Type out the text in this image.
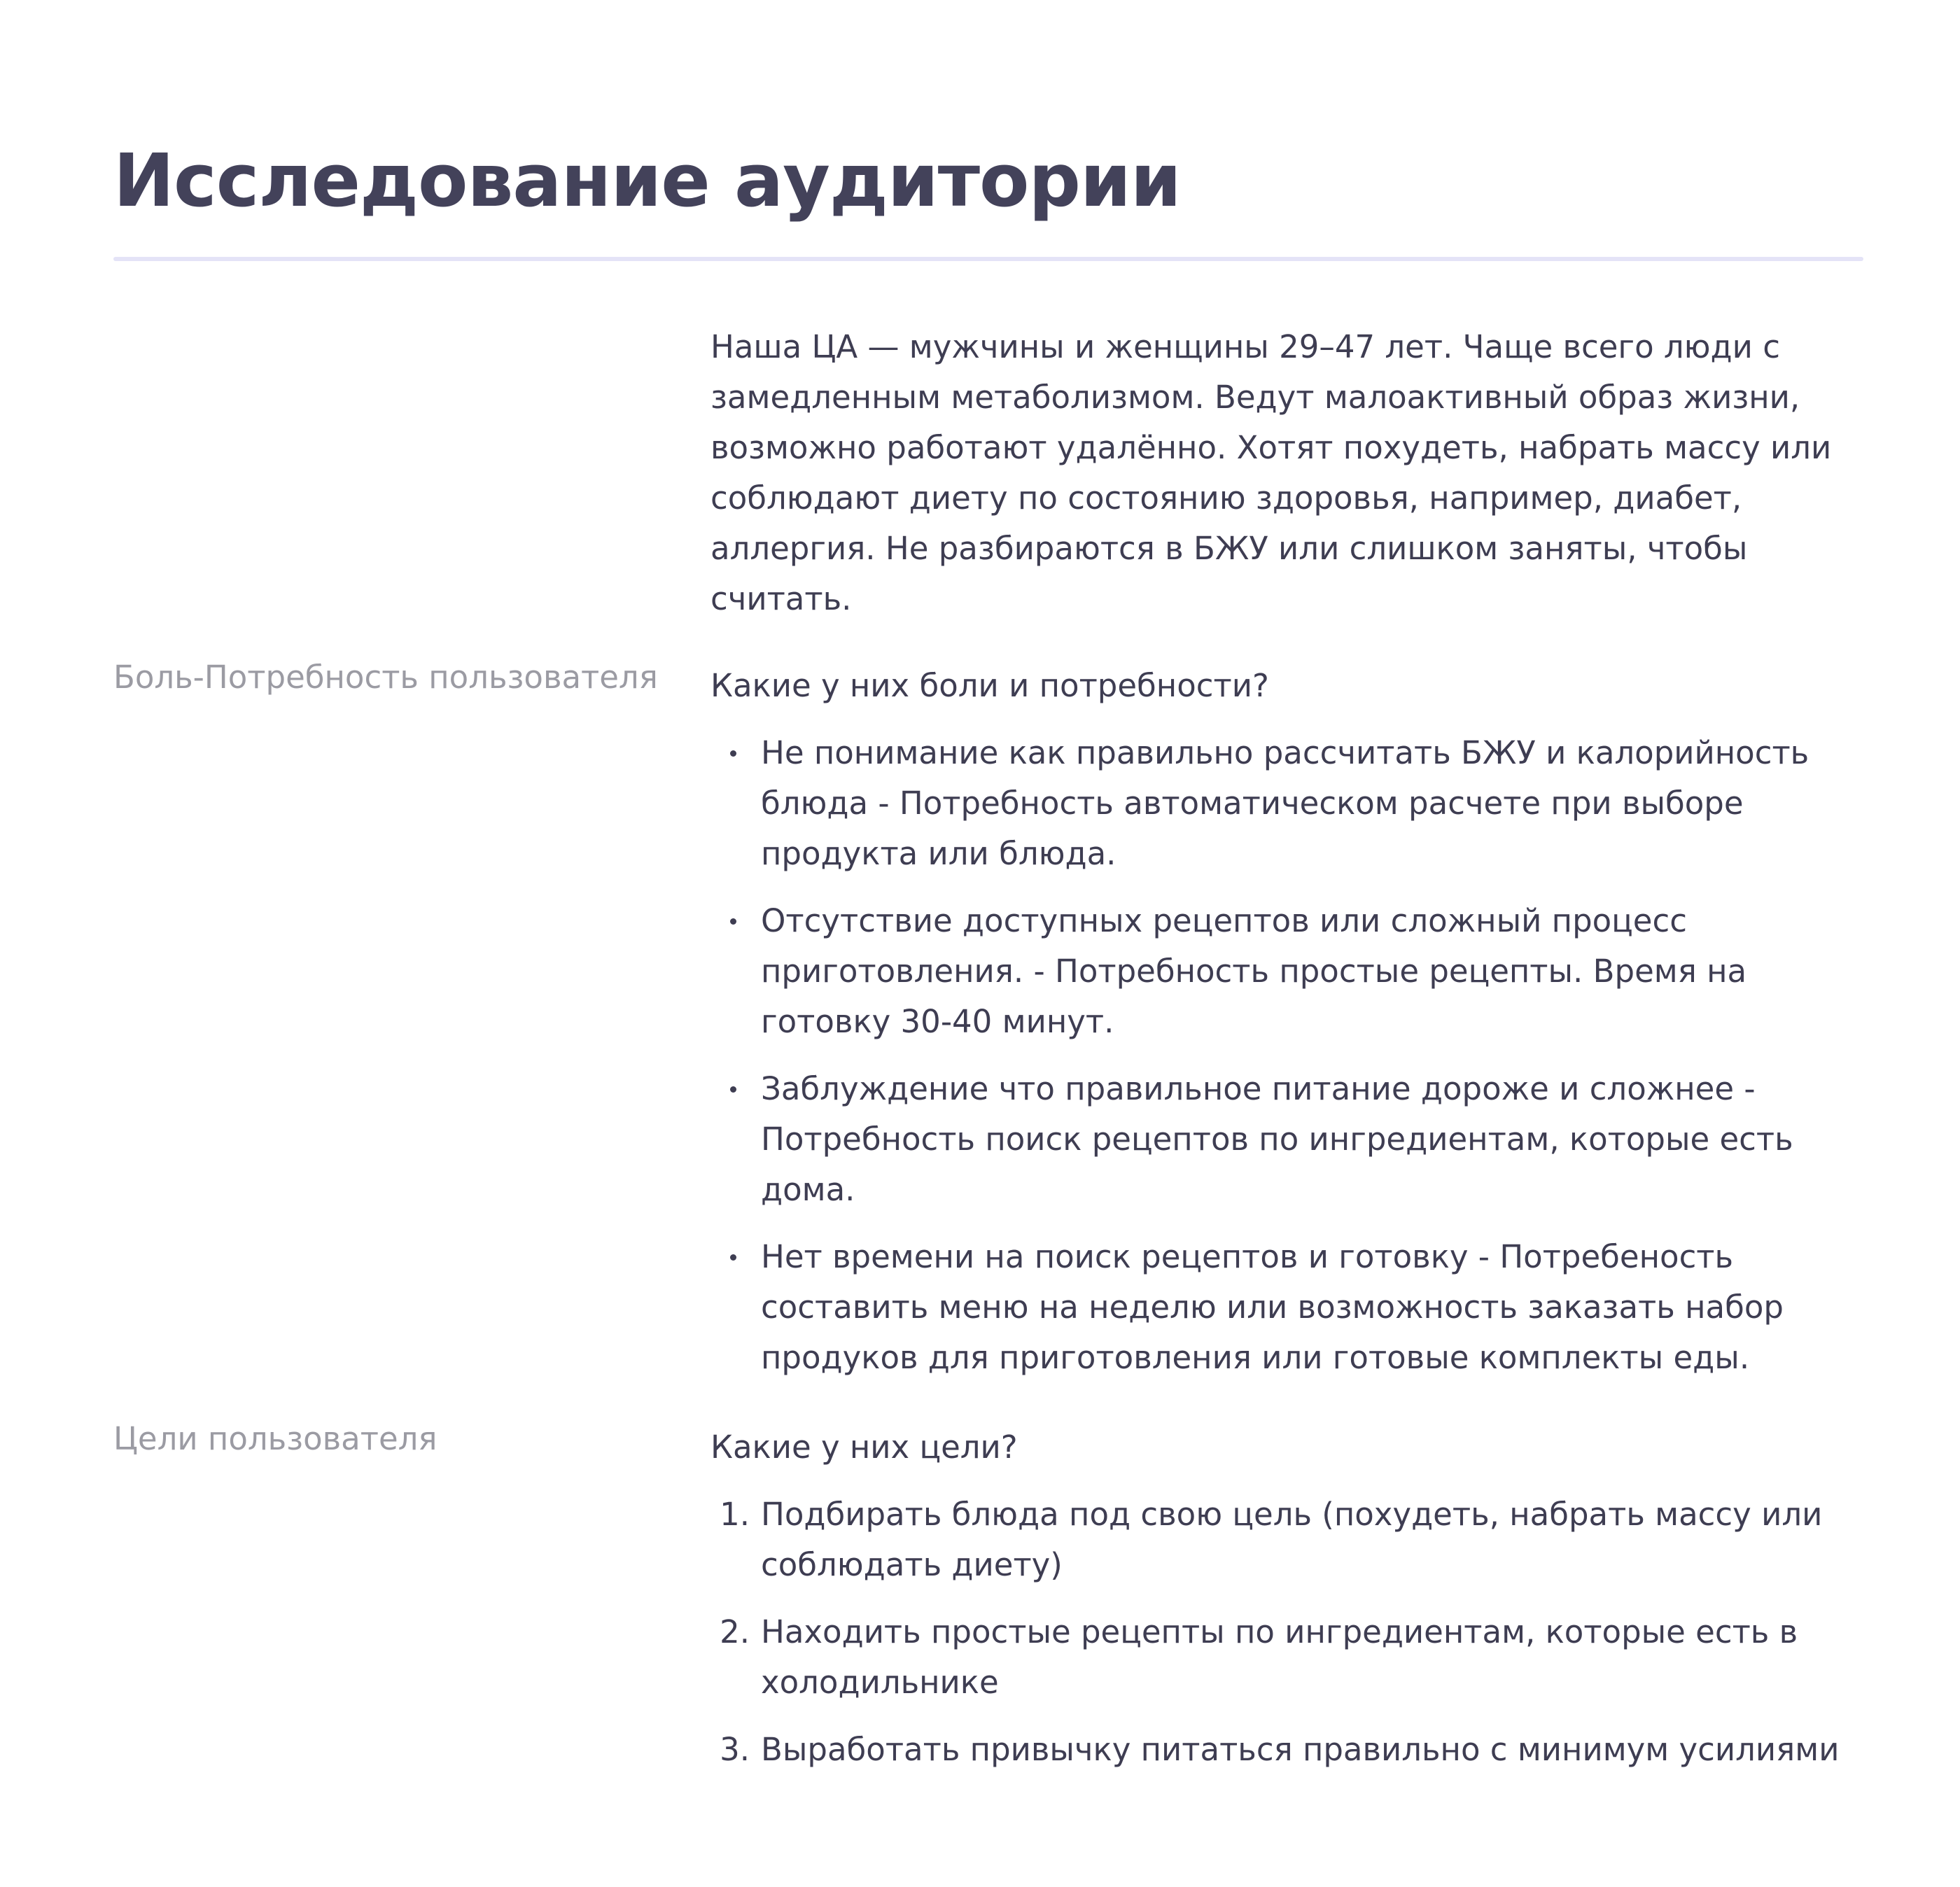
Исследование аудитории

Наша ЦА — мужчины и женщины 29–47 лет. Чаще всего люди с замедленным метаболизмом. Ведут малоактивный образ жизни, возможно работают удалённо. Хотят похудеть, набрать массу или соблюдают диету по состоянию здоровья, например, диабет, аллергия. Не разбираются в БЖУ или слишком заняты, чтобы считать.

Боль-Потребность пользователя Какие у них боли и потребности?

Не понимание как правильно рассчитать БЖУ и калорийность блюда - Потребность автоматическом расчете при выборе продукта или блюда.
Отсутствие доступных рецептов или сложный процесс приготовления. - Потребность простые рецепты. Время на готовку 30-40 минут.
Заблуждение что правильное питание дороже и сложнее - Потребность поиск рецептов по ингредиентам, которые есть дома.
Нет времени на поиск рецептов и готовку - Потребеность составить меню на неделю или возможность заказать набор продуков для приготовления или готовые комплекты еды.
Цели пользователя	Какие у них цели?

1. Подбирать блюда под свою цель (похудеть, набрать массу или соблюдать диету)
2. Находить простые рецепты по ингредиентам, которые есть в холодильнике
3. Выработать привычку питаться правильно с минимум усилиями
